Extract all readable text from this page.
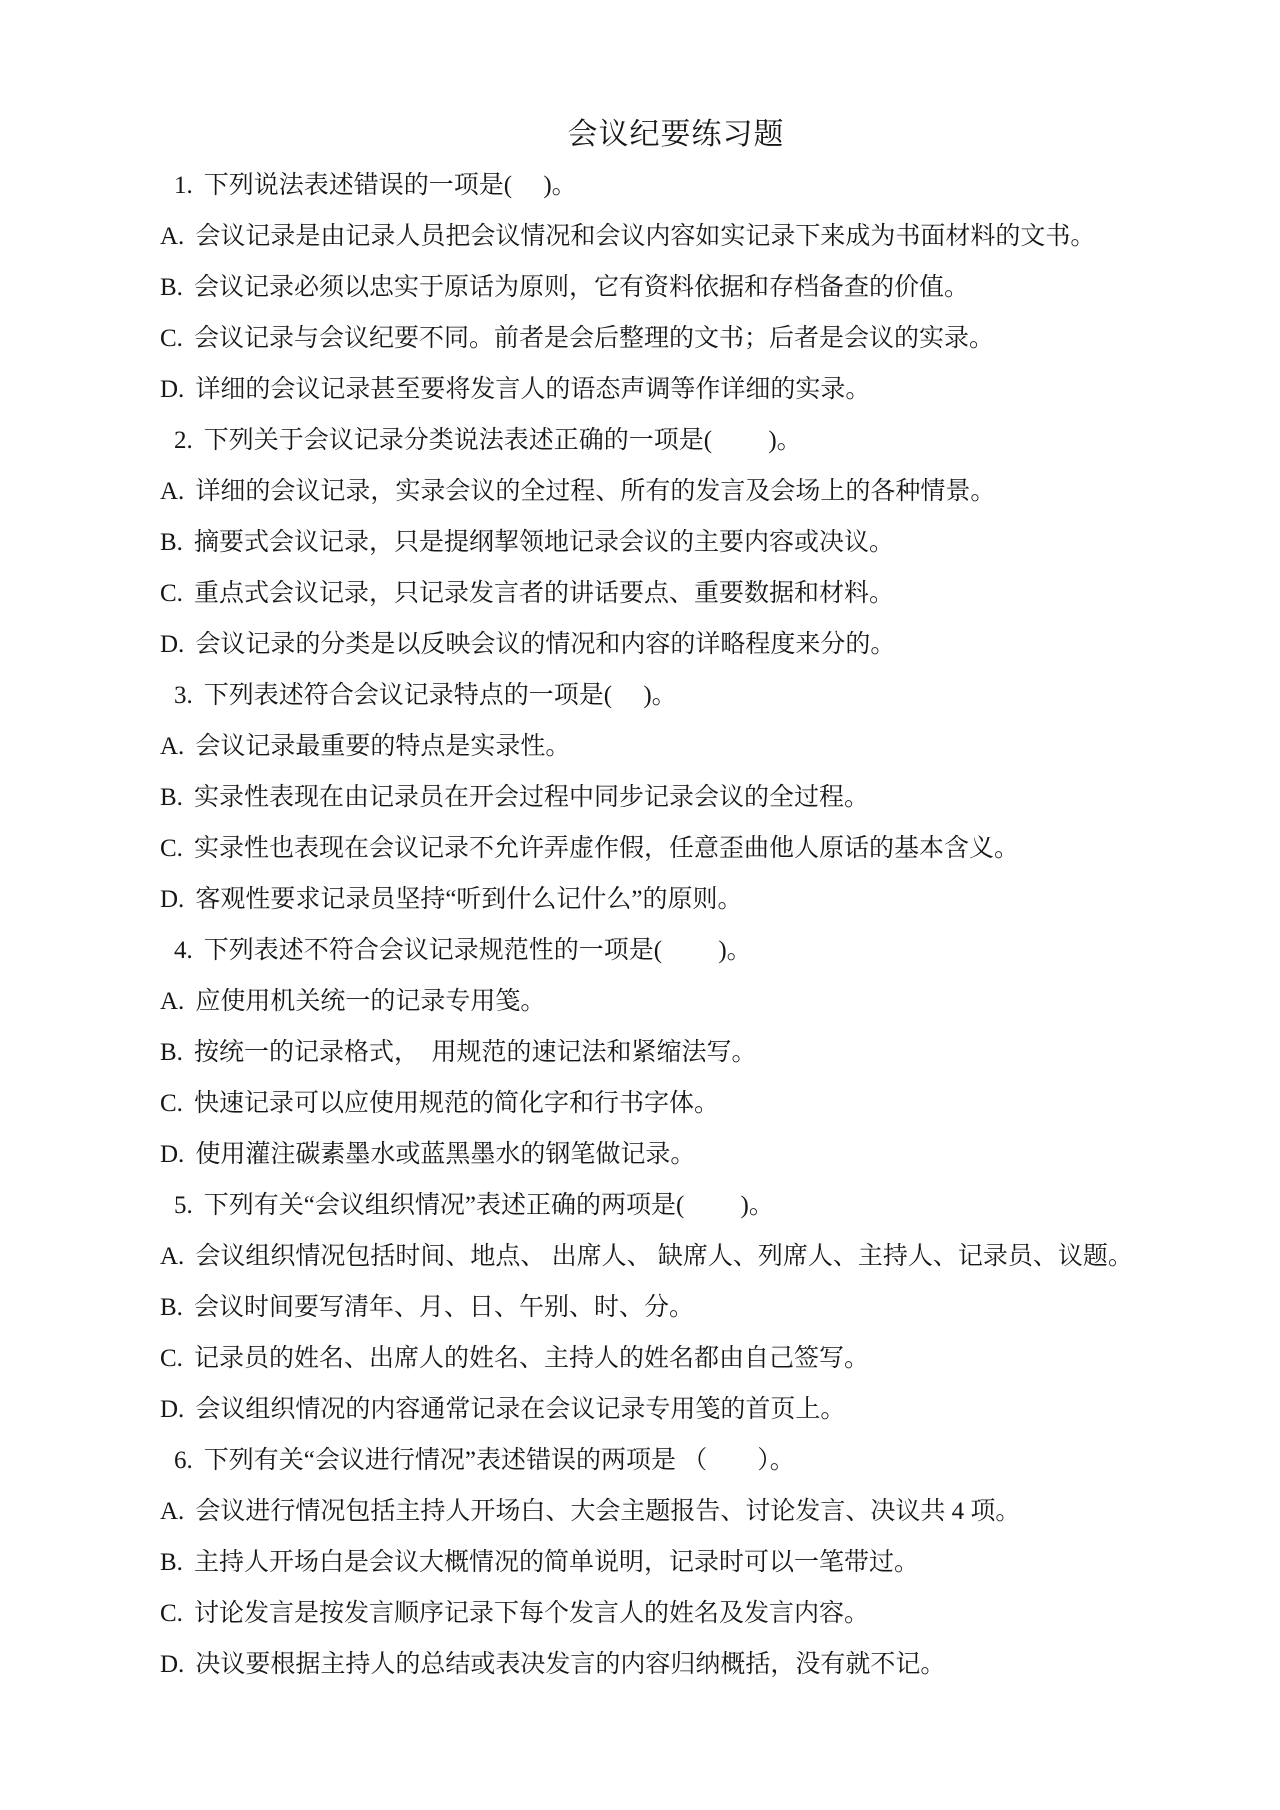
会议纪要练习题
1. 下列说法表述错误的一项是(　 )。
A. 会议记录是由记录人员把会议情况和会议内容如实记录下来成为书面材料的文书。
B. 会议记录必须以忠实于原话为原则，它有资料依据和存档备查的价值。
C. 会议记录与会议纪要不同。前者是会后整理的文书；后者是会议的实录。
D. 详细的会议记录甚至要将发言人的语态声调等作详细的实录。
2. 下列关于会议记录分类说法表述正确的一项是(　　 )。
A. 详细的会议记录，实录会议的全过程、所有的发言及会场上的各种情景。
B. 摘要式会议记录，只是提纲挈领地记录会议的主要内容或决议。
C. 重点式会议记录，只记录发言者的讲话要点、重要数据和材料。
D. 会议记录的分类是以反映会议的情况和内容的详略程度来分的。
3. 下列表述符合会议记录特点的一项是(　 )。
A. 会议记录最重要的特点是实录性。
B. 实录性表现在由记录员在开会过程中同步记录会议的全过程。
C. 实录性也表现在会议记录不允许弄虚作假，任意歪曲他人原话的基本含义。
D. 客观性要求记录员坚持“听到什么记什么”的原则。
4. 下列表述不符合会议记录规范性的一项是(　　 )。
A. 应使用机关统一的记录专用笺。
B. 按统一的记录格式，  用规范的速记法和紧缩法写。
C. 快速记录可以应使用规范的简化字和行书字体。
D. 使用灌注碳素墨水或蓝黑墨水的钢笔做记录。
5. 下列有关“会议组织情况”表述正确的两项是(　　 )。
A. 会议组织情况包括时间、地点、 出席人、 缺席人、列席人、主持人、记录员、议题。
B. 会议时间要写清年、月、日、午别、时、分。
C. 记录员的姓名、出席人的姓名、主持人的姓名都由自己签写。
D. 会议组织情况的内容通常记录在会议记录专用笺的首页上。
6. 下列有关“会议进行情况”表述错误的两项是 （　　）。
A. 会议进行情况包括主持人开场白、大会主题报告、讨论发言、决议共 4 项。
B. 主持人开场白是会议大概情况的简单说明，记录时可以一笔带过。
C. 讨论发言是按发言顺序记录下每个发言人的姓名及发言内容。
D. 决议要根据主持人的总结或表决发言的内容归纳概括，没有就不记。
